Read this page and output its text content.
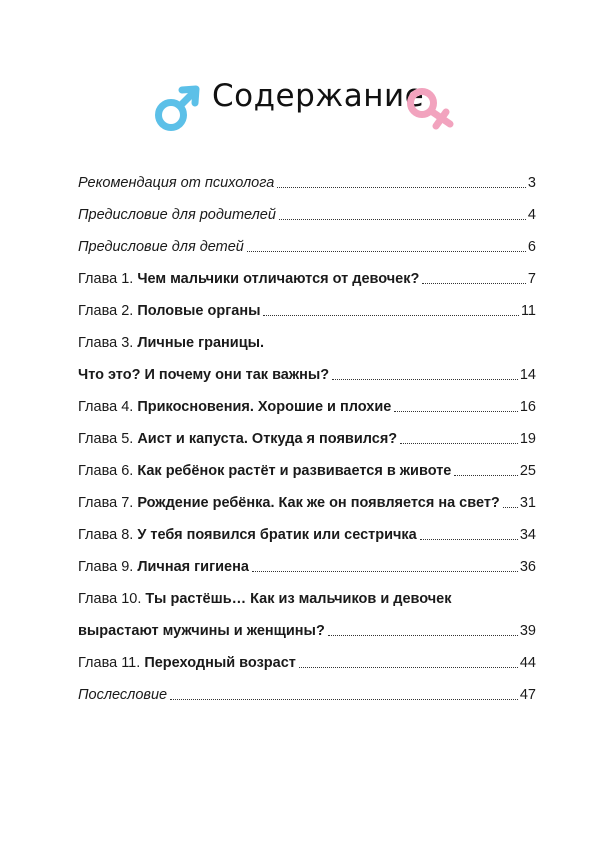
Содержание
Рекомендация от психолога	3
Предисловие для родителей	4
Предисловие для детей	6
Глава 1. Чем мальчики отличаются от девочек?	7
Глава 2. Половые органы	11
Глава 3. Личные границы.
Что это? И почему они так важны?	14
Глава 4. Прикосновения. Хорошие и плохие	16
Глава 5. Аист и капуста. Откуда я появился?	19
Глава 6. Как ребёнок растёт и развивается в животе	25
Глава 7. Рождение ребёнка. Как же он появляется на свет? 31
Глава 8. У тебя появился братик или сестричка	34
Глава 9. Личная гигиена	36
Глава 10. Ты растёшь… Как из мальчиков и девочек
вырастают мужчины и женщины?	39
Глава 11. Переходный возраст	44
Послесловие	47
